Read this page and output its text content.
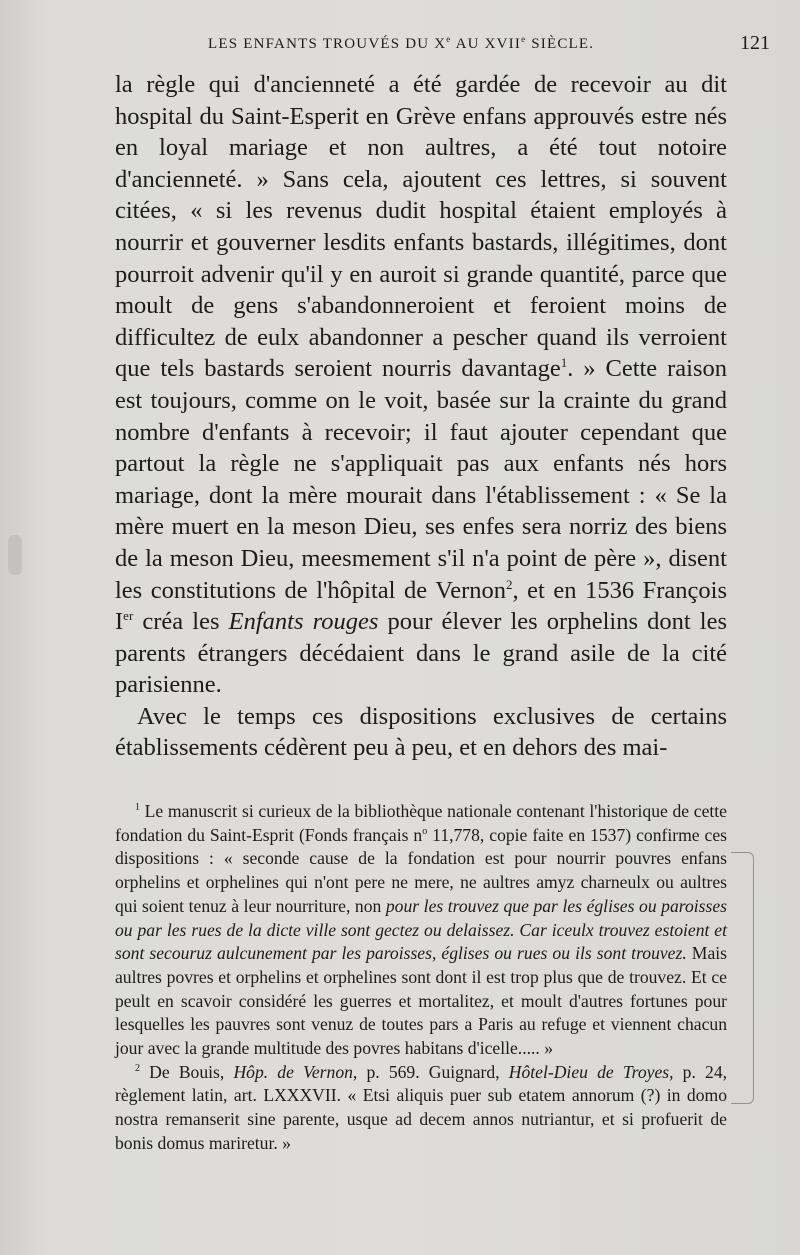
LES ENFANTS TROUVÉS DU Xe AU XVIIe SIÈCLE.	121

la règle qui d'ancienneté a été gardée de recevoir au dit hospital du Saint-Esperit en Grève enfans approuvés estre nés en loyal mariage et non aultres, a été tout notoire d'ancienneté. » Sans cela, ajoutent ces lettres, si souvent citées, « si les revenus dudit hospital étaient employés à nourrir et gouverner lesdits enfants bastards, illégitimes, dont pourroit advenir qu'il y en auroit si grande quantité, parce que moult de gens s'abandonneroient et feroient moins de difficultez de eulx abandonner a pescher quand ils verroient que tels bastards seroient nourris davantage$^1$. » Cette raison est toujours, comme on le voit, basée sur la crainte du grand nombre d'enfants à recevoir; il faut ajouter cependant que partout la règle ne s'appliquait pas aux enfants nés hors mariage, dont la mère mourait dans l'établissement : « Se la mère muert en la meson Dieu, ses enfes sera norriz des biens de la meson Dieu, meesmement s'il n'a point de père », disent les constitutions de l'hôpital de Vernon$^2$, et en 1536 François Ier créa les Enfants rouges pour élever les orphelins dont les parents étrangers décédaient dans le grand asile de la cité parisienne.

Avec le temps ces dispositions exclusives de certains établissements cédèrent peu à peu, et en dehors des mai-

$^1$ Le manuscrit si curieux de la bibliothèque nationale contenant l'historique de cette fondation du Saint-Esprit (Fonds français $n^o$ 11,778, copie faite en 1537) confirme ces dispositions : « seconde cause de la fondation est pour nourrir pouvres enfans orphelins et orphelines qui n'ont pere ne mere, ne aultres amyz charneulx ou aultres qui soient tenuz à leur nourriture, non pour les trouvez que par les églises ou paroisses ou par les rues de la dicte ville sont gectez ou delaissez. Car iceulx trouvez estoient et sont secouruz aulcunement par les paroisses, églises ou rues ou ils sont trouvez. Mais aultres povres et orphelins et orphelines sont dont il est trop plus que de trouvez. Et ce peult en scavoir considéré les guerres et mortalitez, et moult d'autres fortunes pour lesquelles les pauvres sont venuz de toutes pars a Paris au refuge et viennent chacun jour avec la grande multitude des povres habitans d'icelle..... »

$^2$ De Bouis, Hôp. de Vernon, p. 569. Guignard, Hôtel-Dieu de Troyes, p. 24, règlement latin, art. LXXXVII. « Etsi aliquis puer sub etatem annorum (?) in domo nostra remanserit sine parente, usque ad decem annos nutriantur, et si profuerit de bonis domus mariretur. »
